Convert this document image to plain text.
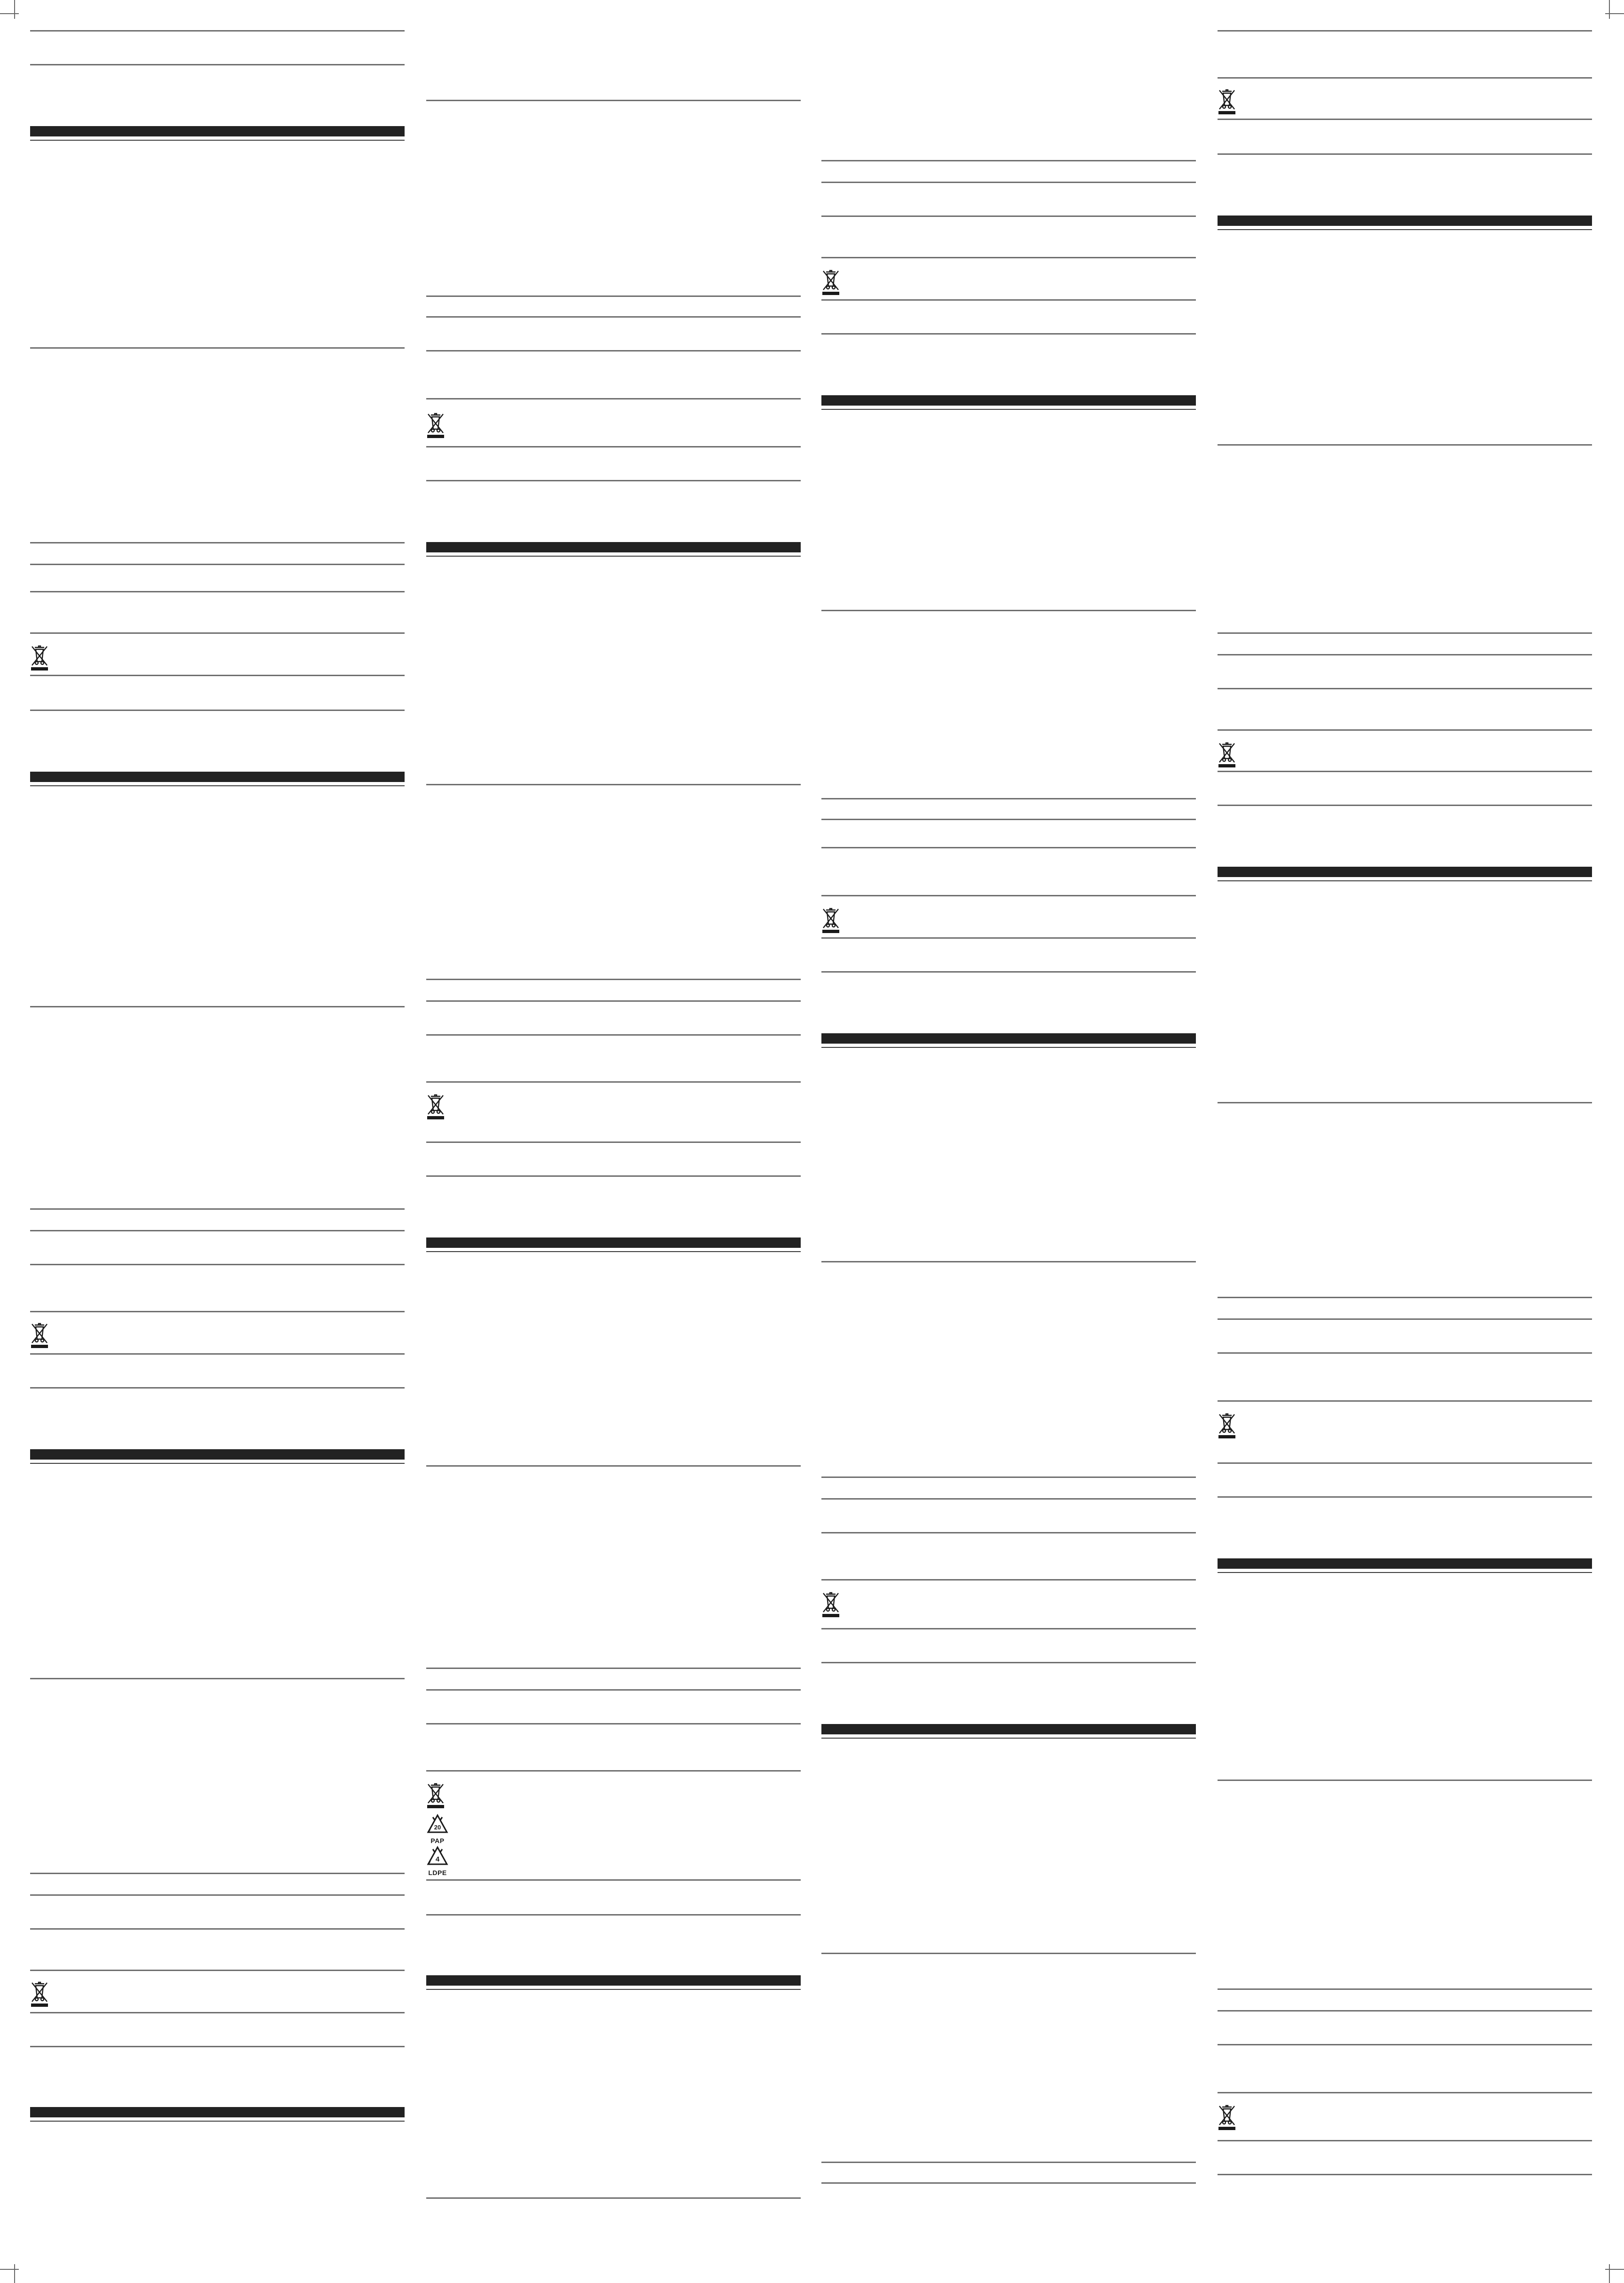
20
PAP
4
LDPE
